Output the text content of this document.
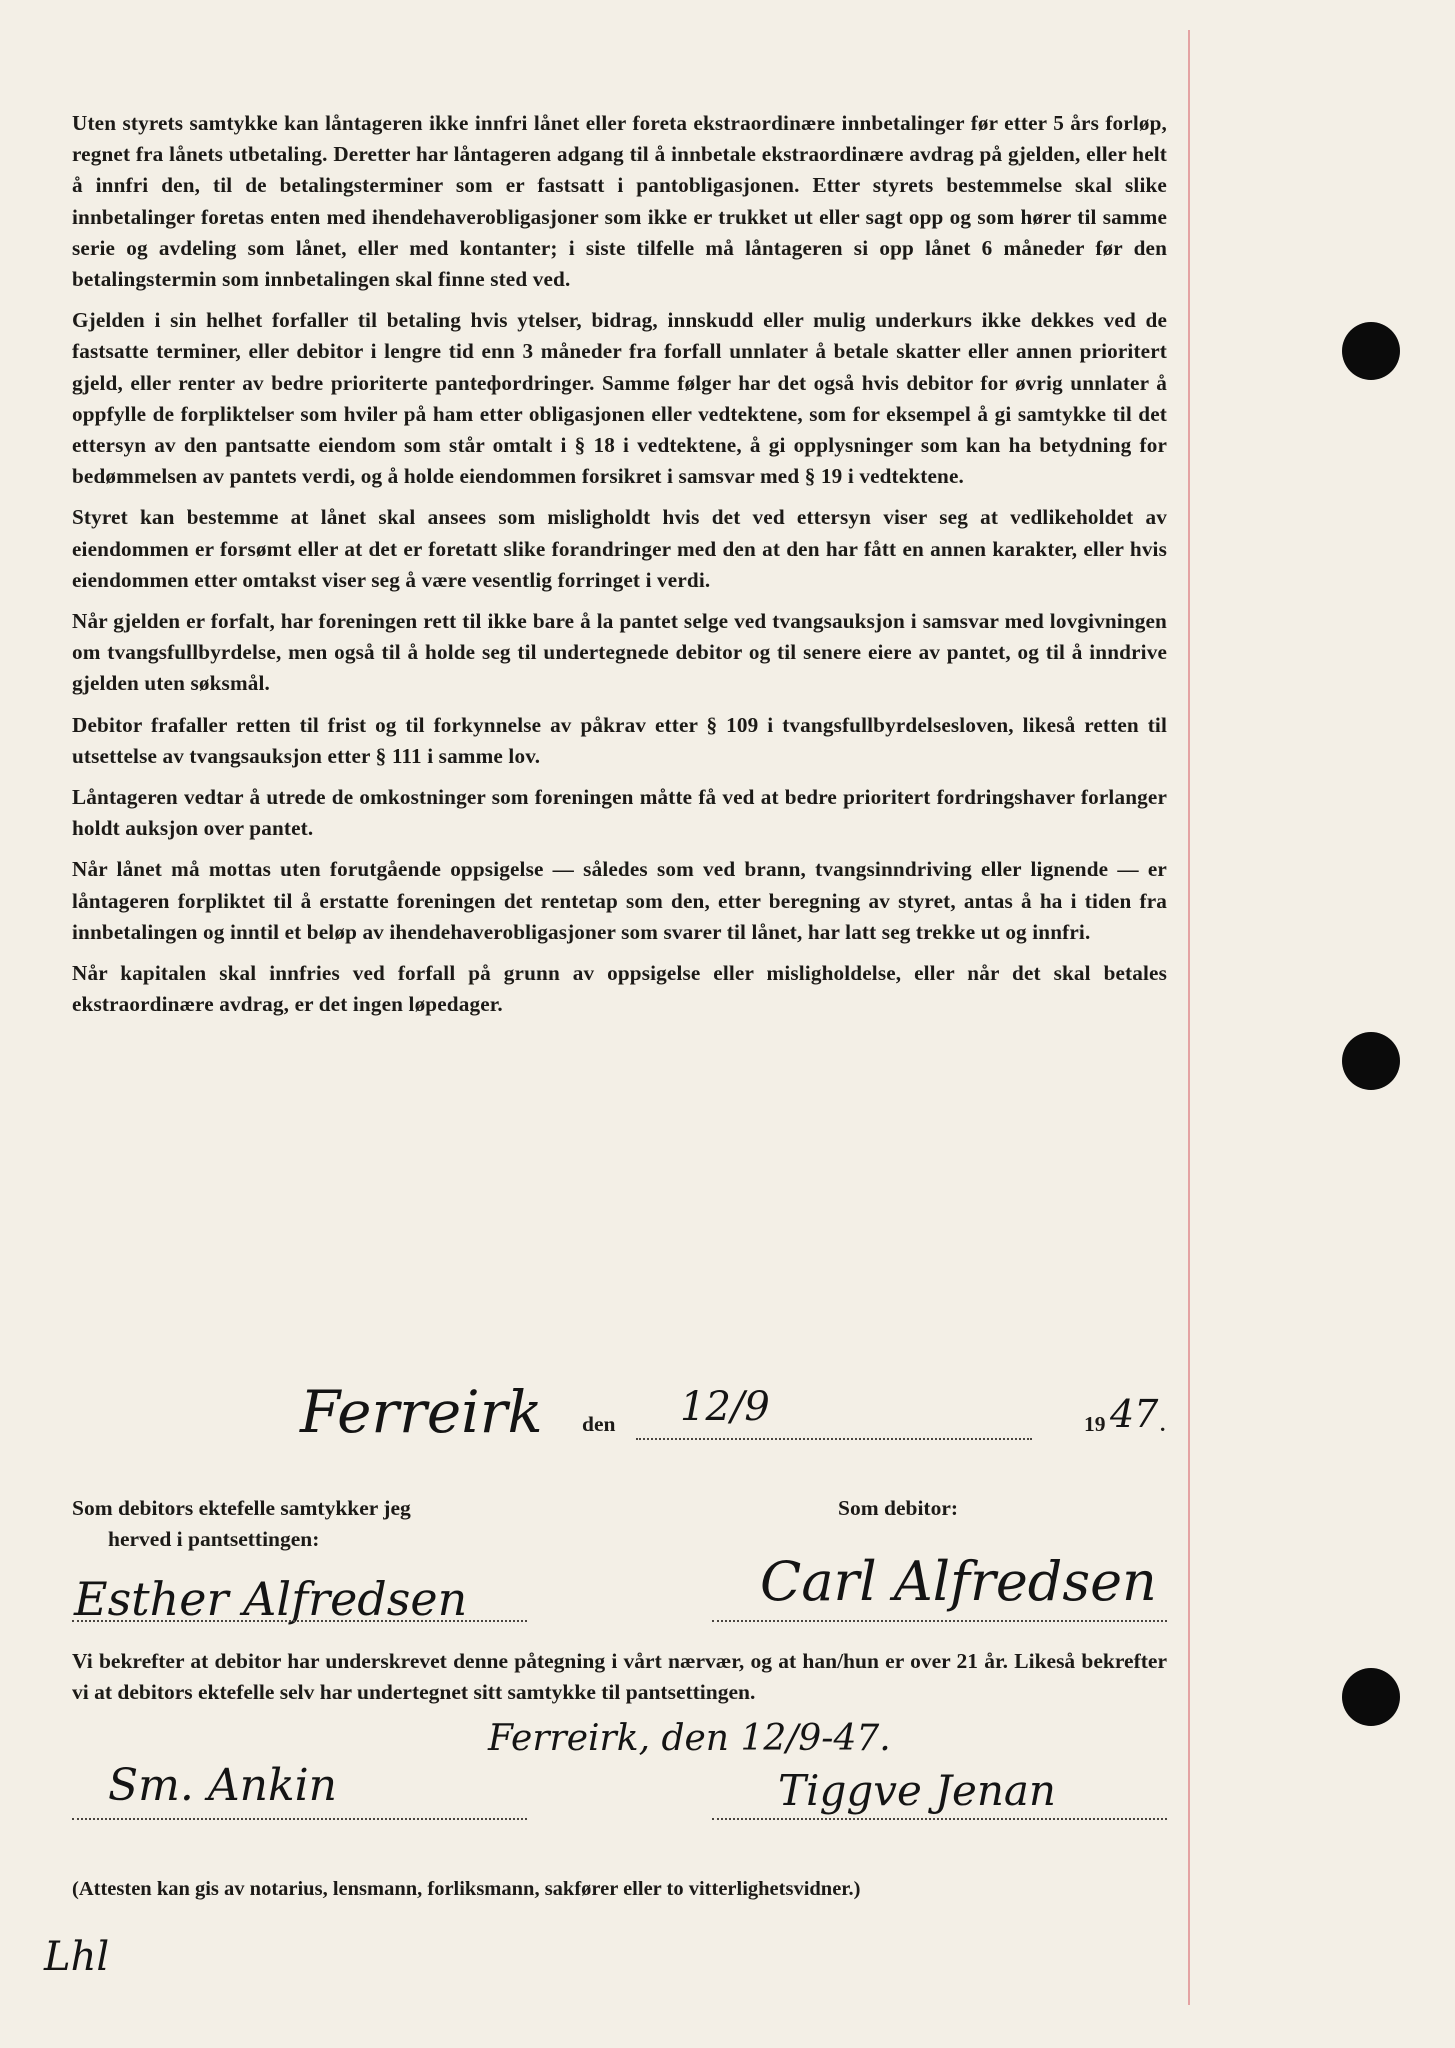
Uten styrets samtykke kan låntageren ikke innfri lånet eller foreta ekstraordinære innbetalinger før etter 5 års forløp, regnet fra lånets utbetaling. Deretter har låntageren adgang til å innbetale ekstraordinære avdrag på gjelden, eller helt å innfri den, til de betalingsterminer som er fastsatt i pantobligasjonen. Etter styrets bestemmelse skal slike innbetalinger foretas enten med ihendehaverobligasjoner som ikke er trukket ut eller sagt opp og som hører til samme serie og avdeling som lånet, eller med kontanter; i siste tilfelle må låntageren si opp lånet 6 måneder før den betalingstermin som innbetalingen skal finne sted ved.

Gjelden i sin helhet forfaller til betaling hvis ytelser, bidrag, innskudd eller mulig underkurs ikke dekkes ved de fastsatte terminer, eller debitor i lengre tid enn 3 måneder fra forfall unnlater å betale skatter eller annen prioritert gjeld, eller renter av bedre prioriterte panteфordringer. Samme følger har det også hvis debitor for øvrig unnlater å oppfylle de forpliktelser som hviler på ham etter obligasjonen eller vedtektene, som for eksempel å gi samtykke til det ettersyn av den pantsatte eiendom som står omtalt i § 18 i vedtektene, å gi opplysninger som kan ha betydning for bedømmelsen av pantets verdi, og å holde eiendommen forsikret i samsvar med § 19 i vedtektene.

Styret kan bestemme at lånet skal ansees som misligholdt hvis det ved ettersyn viser seg at vedlikeholdet av eiendommen er forsømt eller at det er foretatt slike forandringer med den at den har fått en annen karakter, eller hvis eiendommen etter omtakst viser seg å være vesentlig forringet i verdi.

Når gjelden er forfalt, har foreningen rett til ikke bare å la pantet selge ved tvangsauksjon i samsvar med lovgivningen om tvangsfullbyrdelse, men også til å holde seg til undertegnede debitor og til senere eiere av pantet, og til å inndrive gjelden uten søksmål.

Debitor frafaller retten til frist og til forkynnelse av påkrav etter § 109 i tvangsfullbyrdelsesloven, likeså retten til utsettelse av tvangsauksjon etter § 111 i samme lov.

Låntageren vedtar å utrede de omkostninger som foreningen måtte få ved at bedre prioritert fordringshaver forlanger holdt auksjon over pantet.

Når lånet må mottas uten forutgående oppsigelse — således som ved brann, tvangsinndriving eller lignende — er låntageren forpliktet til å erstatte foreningen det rentetap som den, etter beregning av styret, antas å ha i tiden fra innbetalingen og inntil et beløp av ihendehaverobligasjoner som svarer til lånet, har latt seg trekke ut og innfri.

Når kapitalen skal innfries ved forfall på grunn av oppsigelse eller misligholdelse, eller når det skal betales ekstraordinære avdrag, er det ingen løpedager.

Ferreirk den 12/9	19 47 .
Som debitors ektefelle samtykker jeg
herved i pantsettingen:
Esther Alfredsen
Som debitor:
Carl Alfredsen
Vi bekrefter at debitor har underskrevet denne påtegning i vårt nærvær, og at han/hun er over 21 år. Likeså bekrefter vi at debitors ektefelle selv har undertegnet sitt samtykke til pantsettingen.
Ferreirk, den 12/9-47.
Sm. Ankin	Tiggve Jenan
(Attesten kan gis av notarius, lensmann, forliksmann, sakfører eller to vitterlighetsvidner.)
Lhl
